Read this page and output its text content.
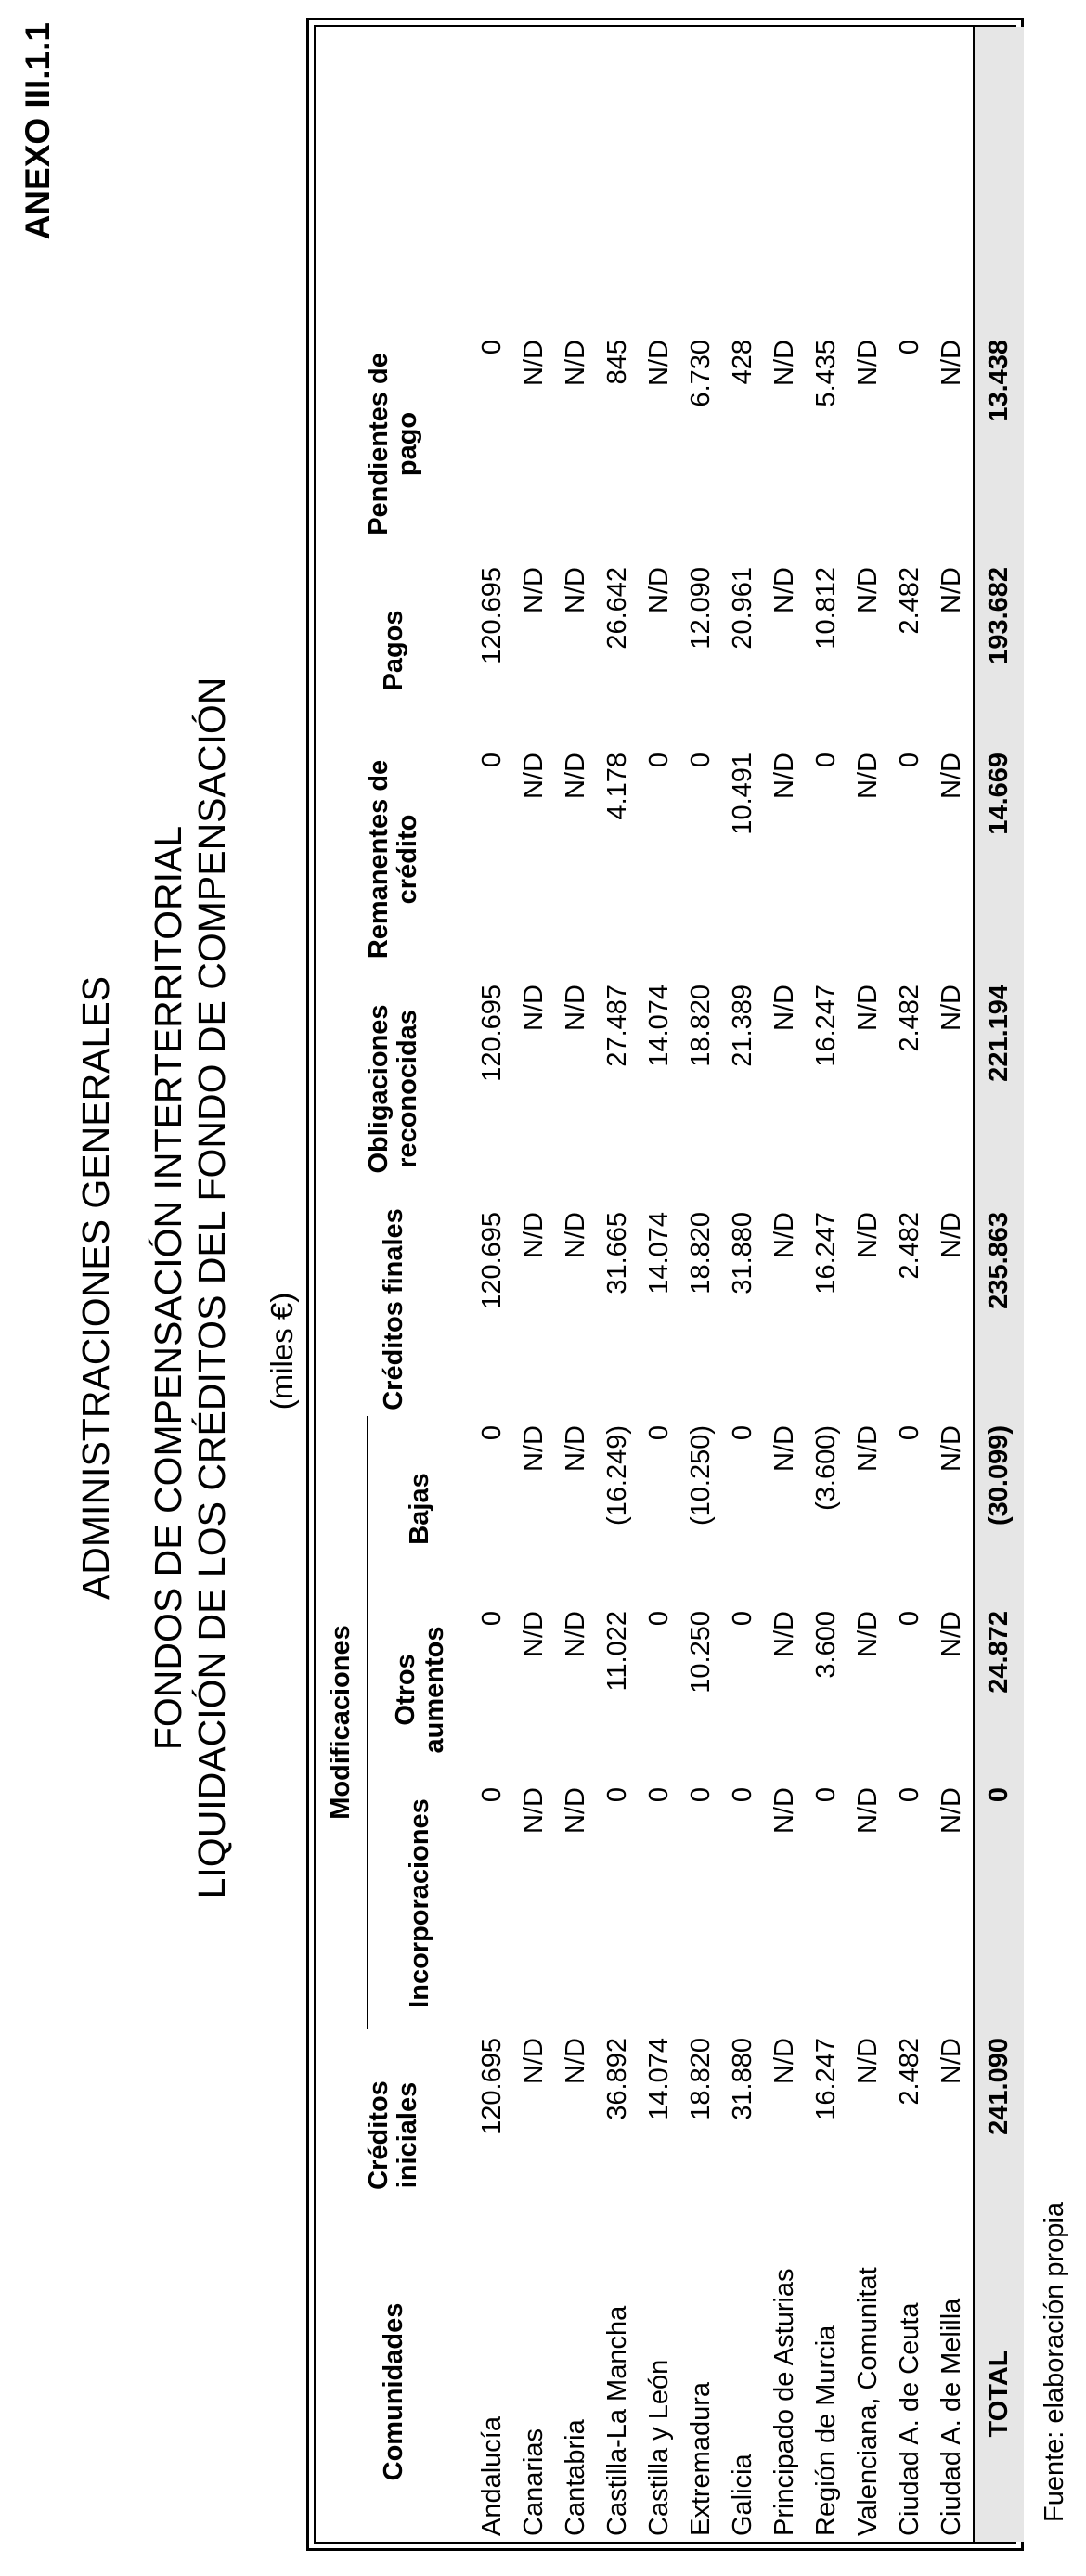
ANEXO III.1.1
ADMINISTRACIONES GENERALES FONDOS DE COMPENSACIÓN INTERTERRITORIAL LIQUIDACIÓN DE LOS CRÉDITOS DEL FONDO DE COMPENSACIÓN (miles €)
Comunidades	Créditos iniciales	Modificaciones			Créditos finales	Obligaciones reconocidas	Remanentes de crédito	Pagos	Pendientes de pago	
		Incorporaciones	Otros aumentos	Bajas						
Andalucía	120.695	0	0	0	120.695	120.695	0	120.695	0	
Canarias	N/D	N/D	N/D	N/D	N/D	N/D	N/D	N/D	N/D	
Cantabria	N/D	N/D	N/D	N/D	N/D	N/D	N/D	N/D	N/D	
Castilla-La Mancha	36.892	0	11.022	(16.249)	31.665	27.487	4.178	26.642	845	
Castilla y León	14.074	0	0	0	14.074	14.074	0	N/D	N/D	
Extremadura	18.820	0	10.250	(10.250)	18.820	18.820	0	12.090	6.730	
Galicia	31.880	0	0	0	31.880	21.389	10.491	20.961	428	
Principado de Asturias	N/D	N/D	N/D	N/D	N/D	N/D	N/D	N/D	N/D	
Región de Murcia	16.247	0	3.600	(3.600)	16.247	16.247	0	10.812	5.435	
Valenciana, Comunitat	N/D	N/D	N/D	N/D	N/D	N/D	N/D	N/D	N/D	
Ciudad A. de Ceuta	2.482	0	0	0	2.482	2.482	0	2.482	0	
Ciudad A. de Melilla	N/D	N/D	N/D	N/D	N/D	N/D	N/D	N/D	N/D	
TOTAL	241.090	0	24.872	(30.099)	235.863	221.194	14.669	193.682	13.438	
Fuente: elaboración propia
